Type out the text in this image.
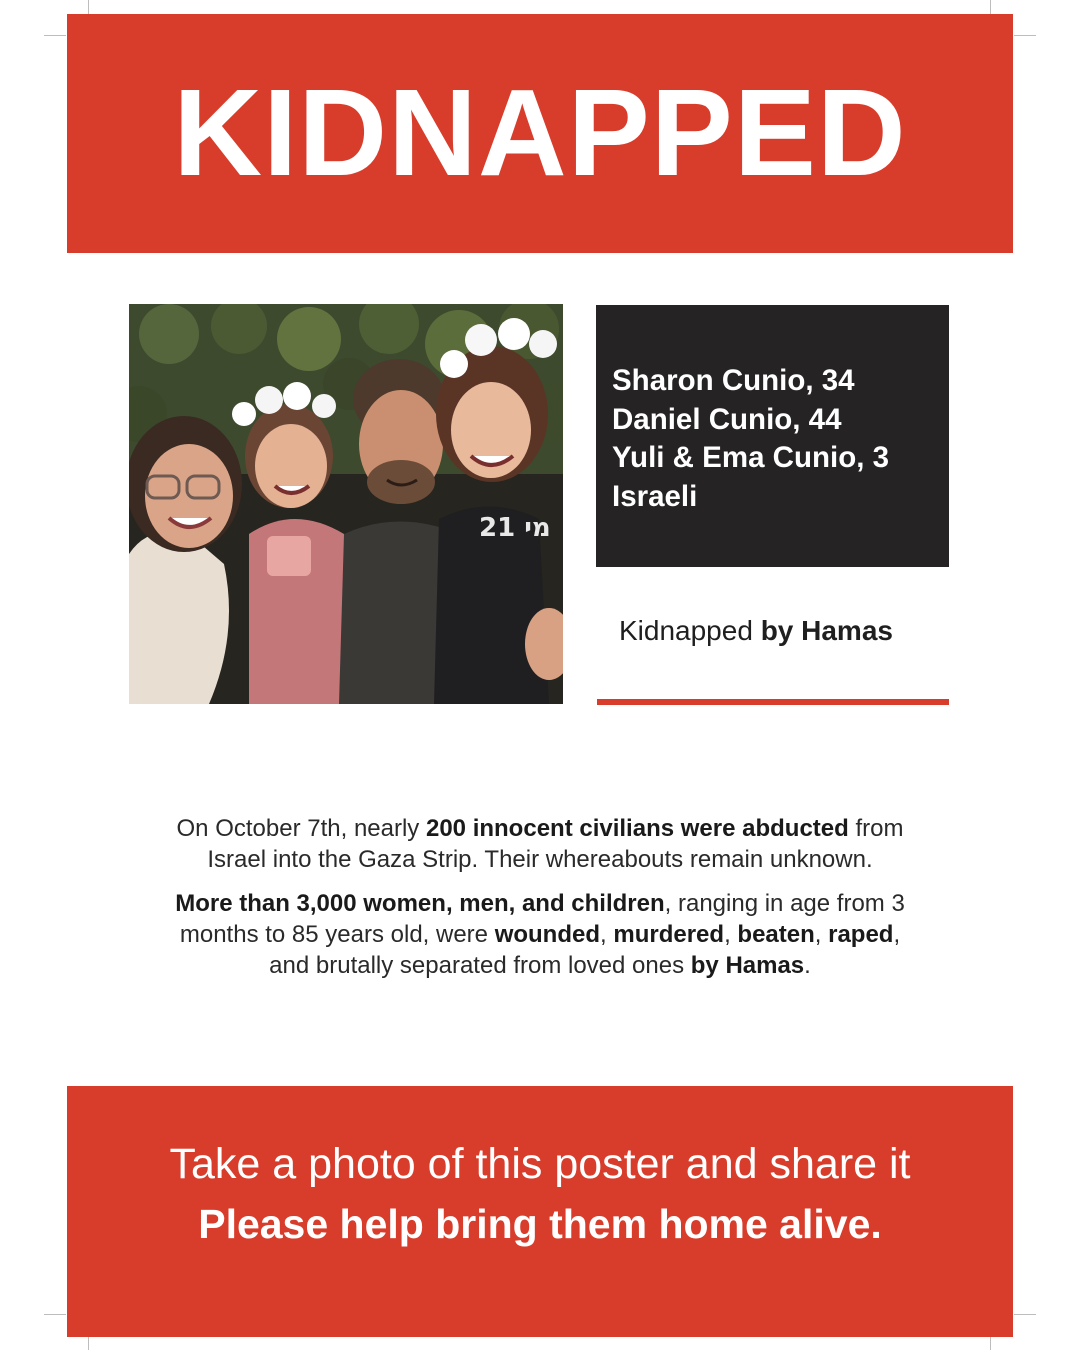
KIDNAPPED
מי 21
Sharon Cunio, 34
Daniel Cunio, 44
Yuli & Ema Cunio, 3
Israeli
Kidnapped by Hamas
On October 7th, nearly 200 innocent civilians were abducted from
Israel into the Gaza Strip. Their whereabouts remain unknown.
More than 3,000 women, men, and children, ranging in age from 3
months to 85 years old, were wounded, murdered, beaten, raped,
and brutally separated from loved ones by Hamas.
Take a photo of this poster and share it
Please help bring them home alive.
